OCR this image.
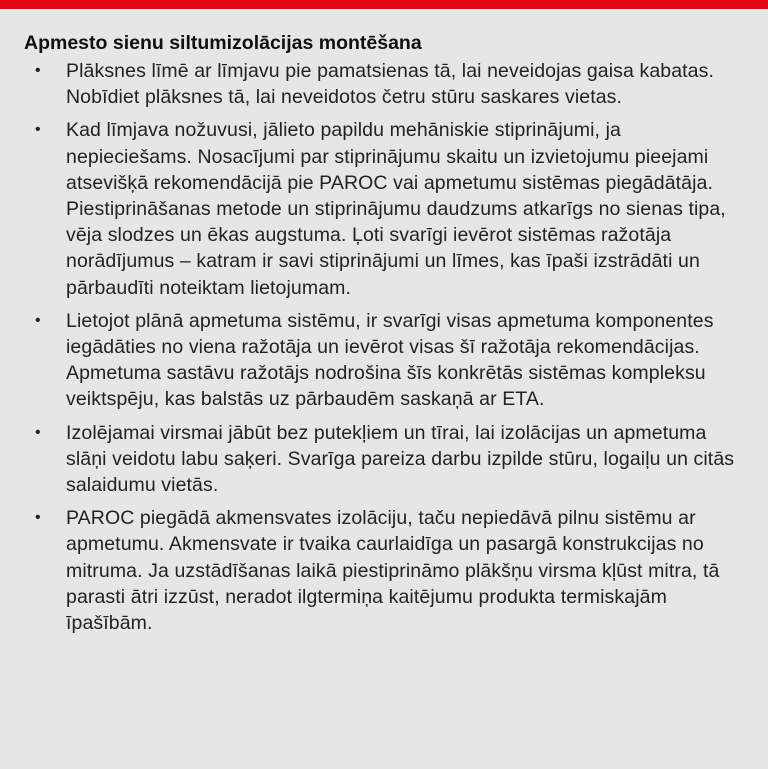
Apmesto sienu siltumizolācijas montēšana
• Plāksnes līmē ar līmjavu pie pamatsienas tā, lai neveidojas gaisa kabatas. Nobīdiet plāksnes tā, lai neveidotos četru stūru saskares vietas.
• Kad līmjava nožuvusi, jālieto papildu mehāniskie stiprinājumi, ja nepieciešams. Nosacījumi par stiprinājumu skaitu un izvietojumu pieejami atsevišķā rekomendācijā pie PAROC vai apmetumu sistēmas piegādātāja. Piestiprināšanas metode un stiprinājumu daudzums atkarīgs no sienas tipa, vēja slodzes un ēkas augstuma. Ļoti svarīgi ievērot sistēmas ražotāja norādījumus – katram ir savi stiprinājumi un līmes, kas īpaši izstrādāti un pārbaudīti noteiktam lietojumam.
• Lietojot plānā apmetuma sistēmu, ir svarīgi visas apmetuma komponentes iegādāties no viena ražotāja un ievērot visas šī ražotāja rekomendācijas. Apmetuma sastāvu ražotājs nodrošina šīs konkrētās sistēmas kompleksu veiktspēju, kas balstās uz pārbaudēm saskaņā ar ETA.
• Izolējamai virsmai jābūt bez putekļiem un tīrai, lai izolācijas un apmetuma slāņi veidotu labu saķeri. Svarīga pareiza darbu izpilde stūru, logaiļu un citās salaidumu vietās.
• PAROC piegādā akmensvates izolāciju, taču nepiedāvā pilnu sistēmu ar apmetumu. Akmensvate ir tvaika caurlaidīga un pasargā konstrukcijas no mitruma. Ja uzstādīšanas laikā piestiprināmo plākšņu virsma kļūst mitra, tā parasti ātri izzūst, neradot ilgtermiņa kaitējumu produkta termiskajām īpašībām.
